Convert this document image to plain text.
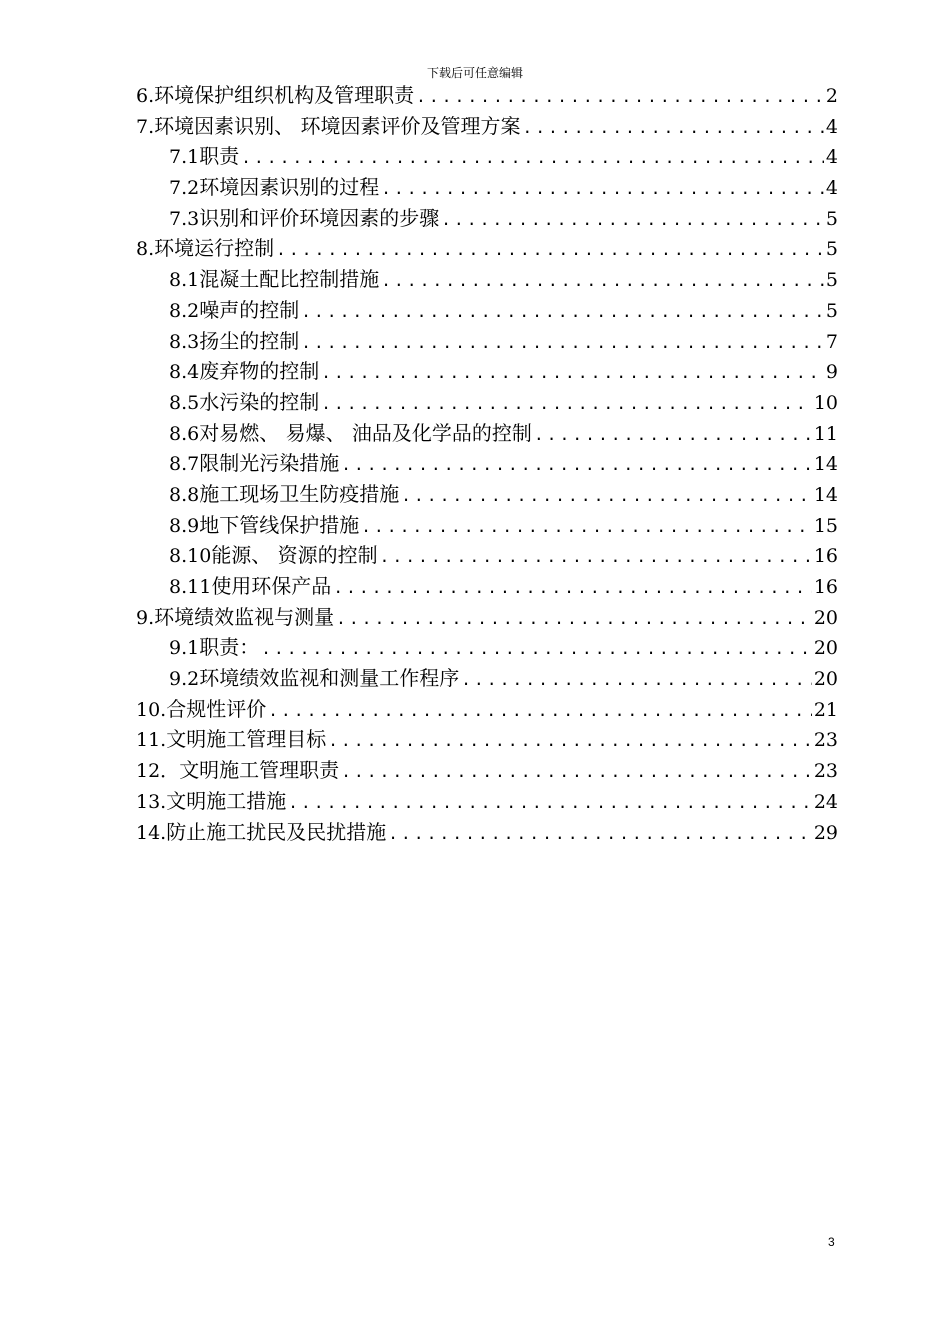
下载后可任意编辑
6.环境保护组织机构及管理职责 .....	2
7.环境因素识别、 环境因素评价及管理方案 .....	4
7.1职责 .....	4
7.2环境因素识别的过程 .....	4
7.3识别和评价环境因素的步骤 .....	5
8.环境运行控制 .....	5
8.1混凝土配比控制措施 .....	5
8.2噪声的控制 .....	5
8.3扬尘的控制 .....	7
8.4废弃物的控制 .....	9
8.5水污染的控制 .....	10
8.6对易燃、 易爆、 油品及化学品的控制 .....	11
8.7限制光污染措施 .....	14
8.8施工现场卫生防疫措施 .....	14
8.9地下管线保护措施 .....	15
8.10能源、 资源的控制 .....	16
8.11使用环保产品 .....	16
9.环境绩效监视与测量 .....	20
9.1职责： .....	20
9.2环境绩效监视和测量工作程序 .....	20
10.合规性评价 .....	21
11.文明施工管理目标 .....	23
12．文明施工管理职责 .....	23
13.文明施工措施 .....	24
14.防止施工扰民及民扰措施 .....	29
3
